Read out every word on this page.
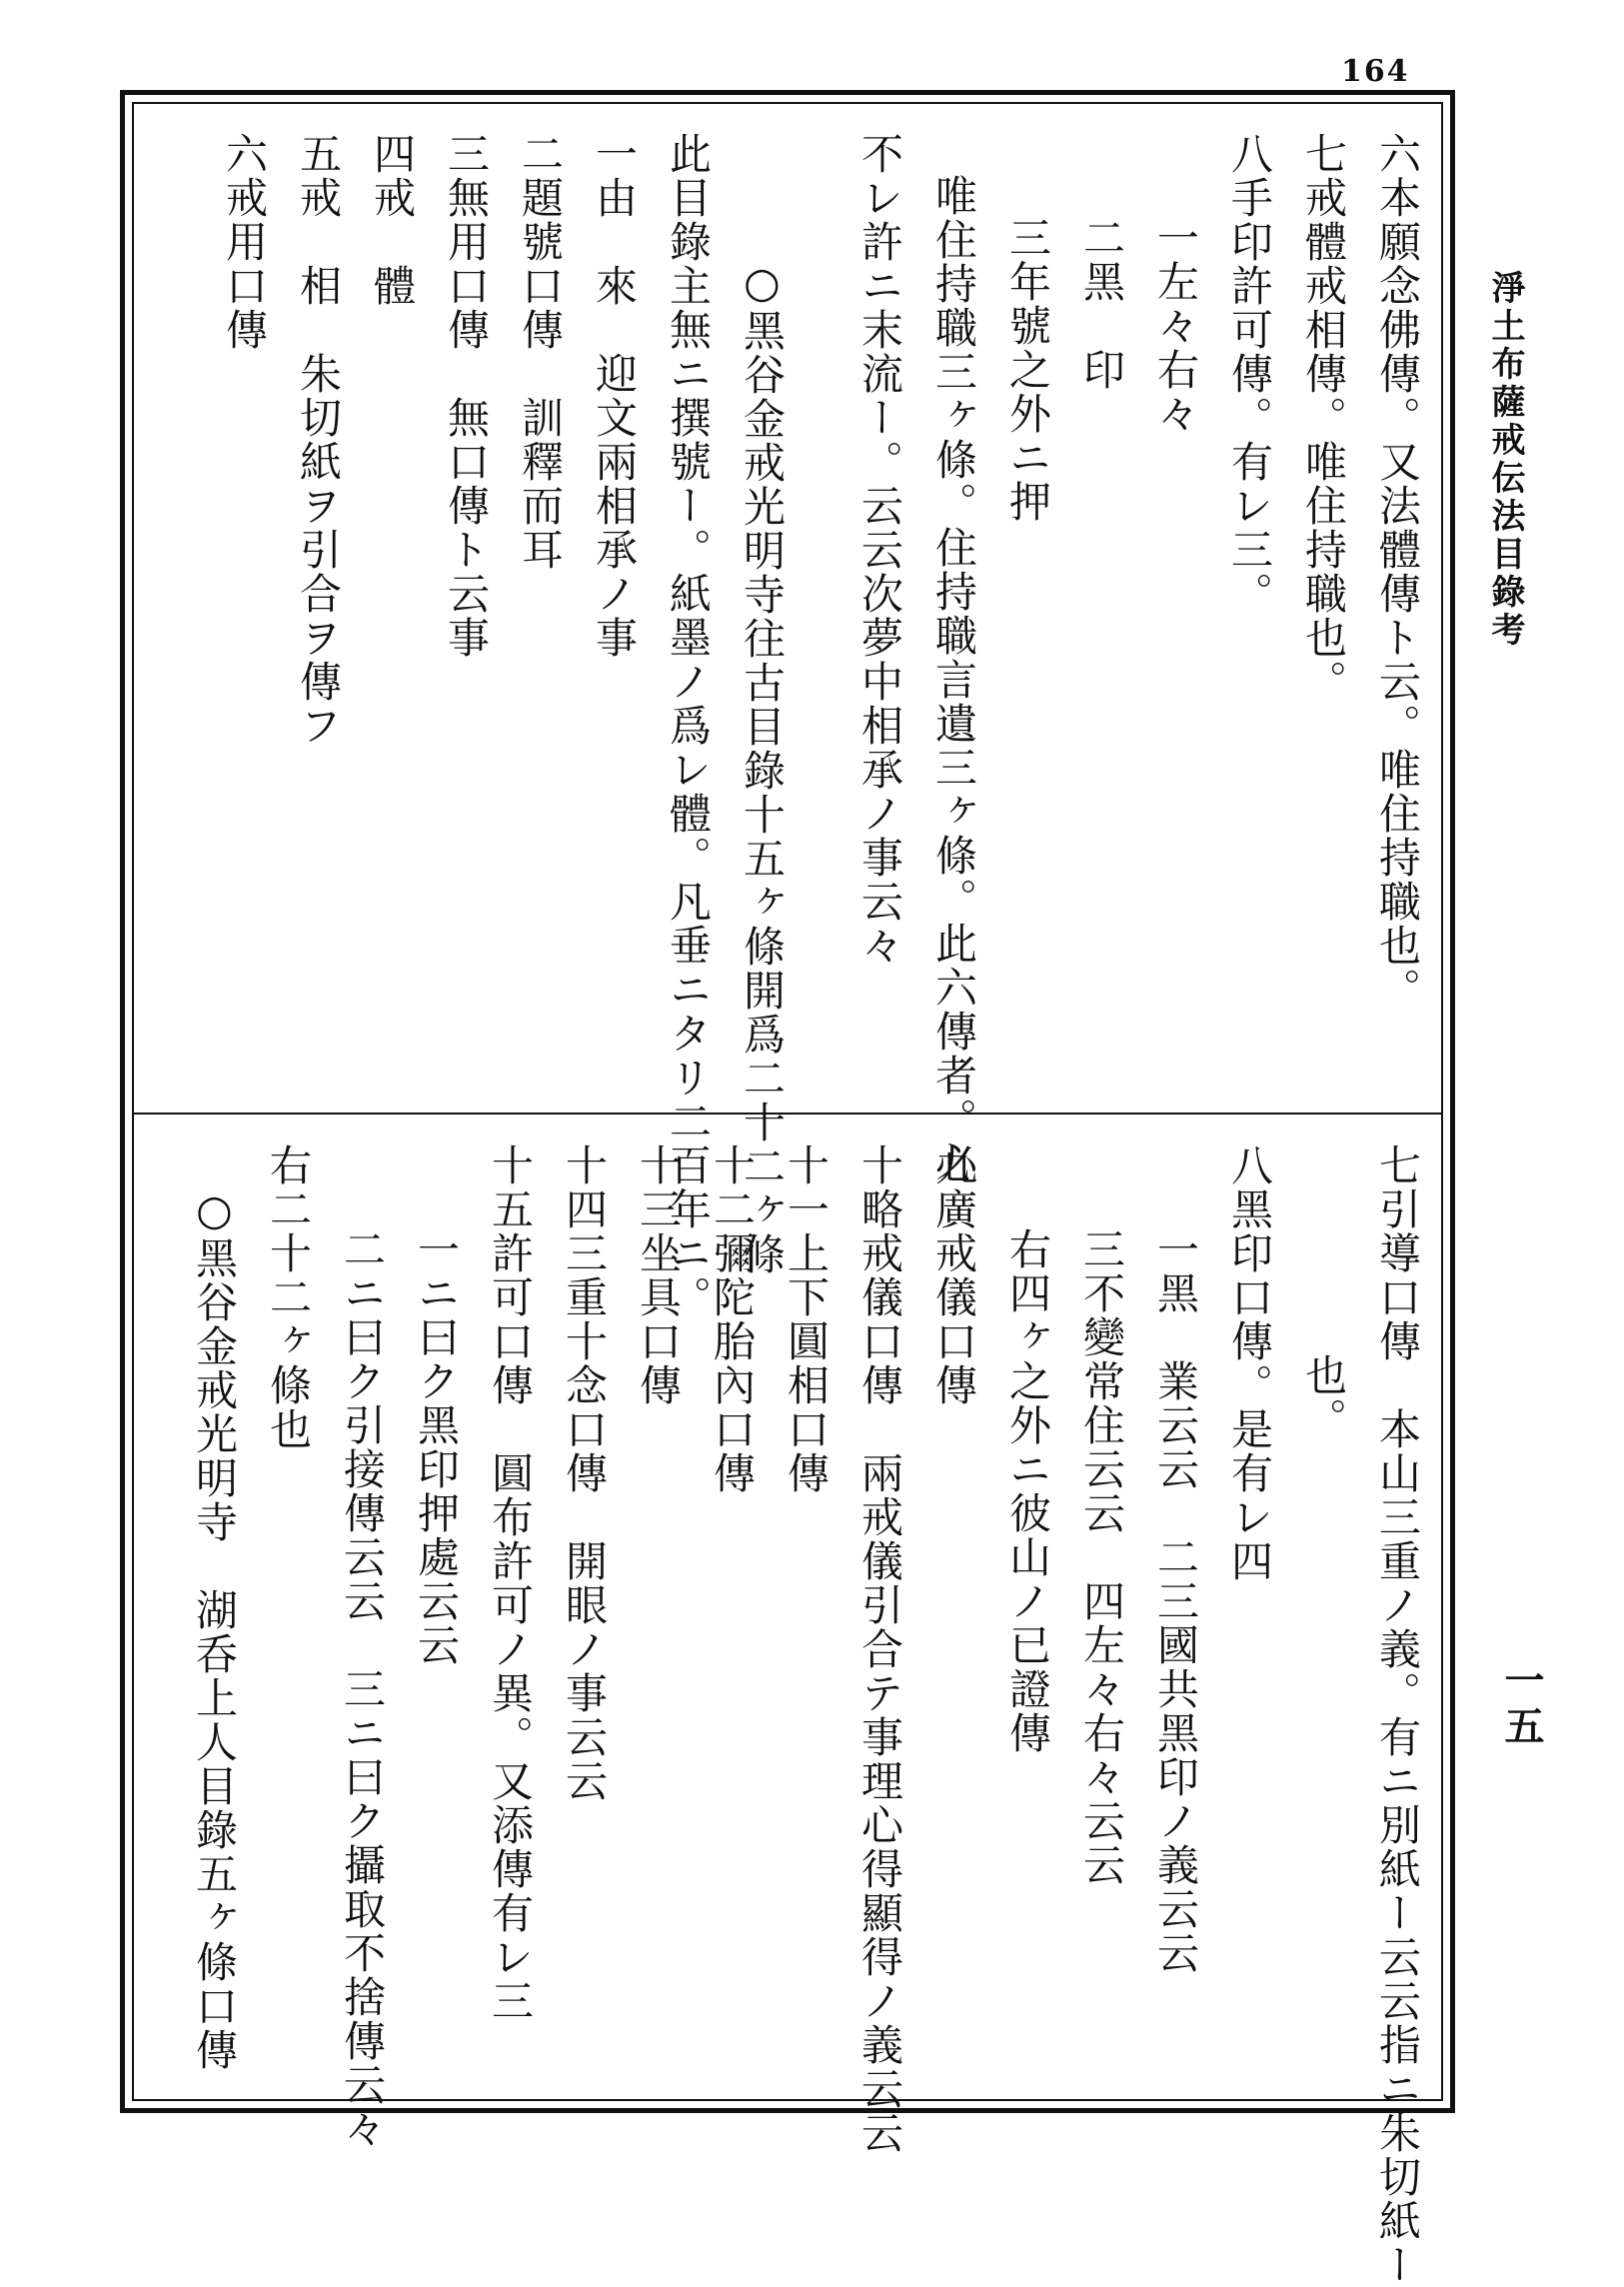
164
淨土布薩戒伝法目錄考
一五
六本願念佛傳。又法體傳ト云。唯住持職也。
七戒體戒相傳。唯住持職也。
八手印許可傳。有レ三。
一左々右々
二黑　印
三年號之外ニ押
唯住持職三ヶ條。住持職言遺三ヶ條。此六傳者。必
不レ許ニ末流ー。云云次夢中相承ノ事云々
○黑谷金戒光明寺往古目錄十五ヶ條開爲二十二ヶ條
此目錄主無ニ撰號ー。紙墨ノ爲レ體。凡垂ニタリ二百年ニ。
一由　來　迎文兩相承ノ事
二題號口傳　訓釋而耳
三無用口傳　無口傳ト云事
四戒　體
五戒　相　朱切紙ヲ引合ヲ傳フ
六戒用口傳
七引導口傳　本山三重ノ義。有ニ別紙ー云云指ニ朱切紙ー
也。
八黑印口傳。是有レ四
一黑　業云云　二三國共黑印ノ義云云
三不變常住云云　四左々右々云云
右四ヶ之外ニ彼山ノ已證傳
九廣戒儀口傳
十略戒儀口傳　兩戒儀引合テ事理心得顯得ノ義云云
十一上下圓相口傳
十二彌陀胎內口傳
十三坐具口傳
十四三重十念口傳　開眼ノ事云云
十五許可口傳　圓布許可ノ異。又添傳有レ三
一ニ曰ク黑印押處云云
二ニ曰ク引接傳云云　三ニ曰ク攝取不捨傳云々
右二十二ヶ條也
○黑谷金戒光明寺　湖呑上人目錄五ヶ條口傳
